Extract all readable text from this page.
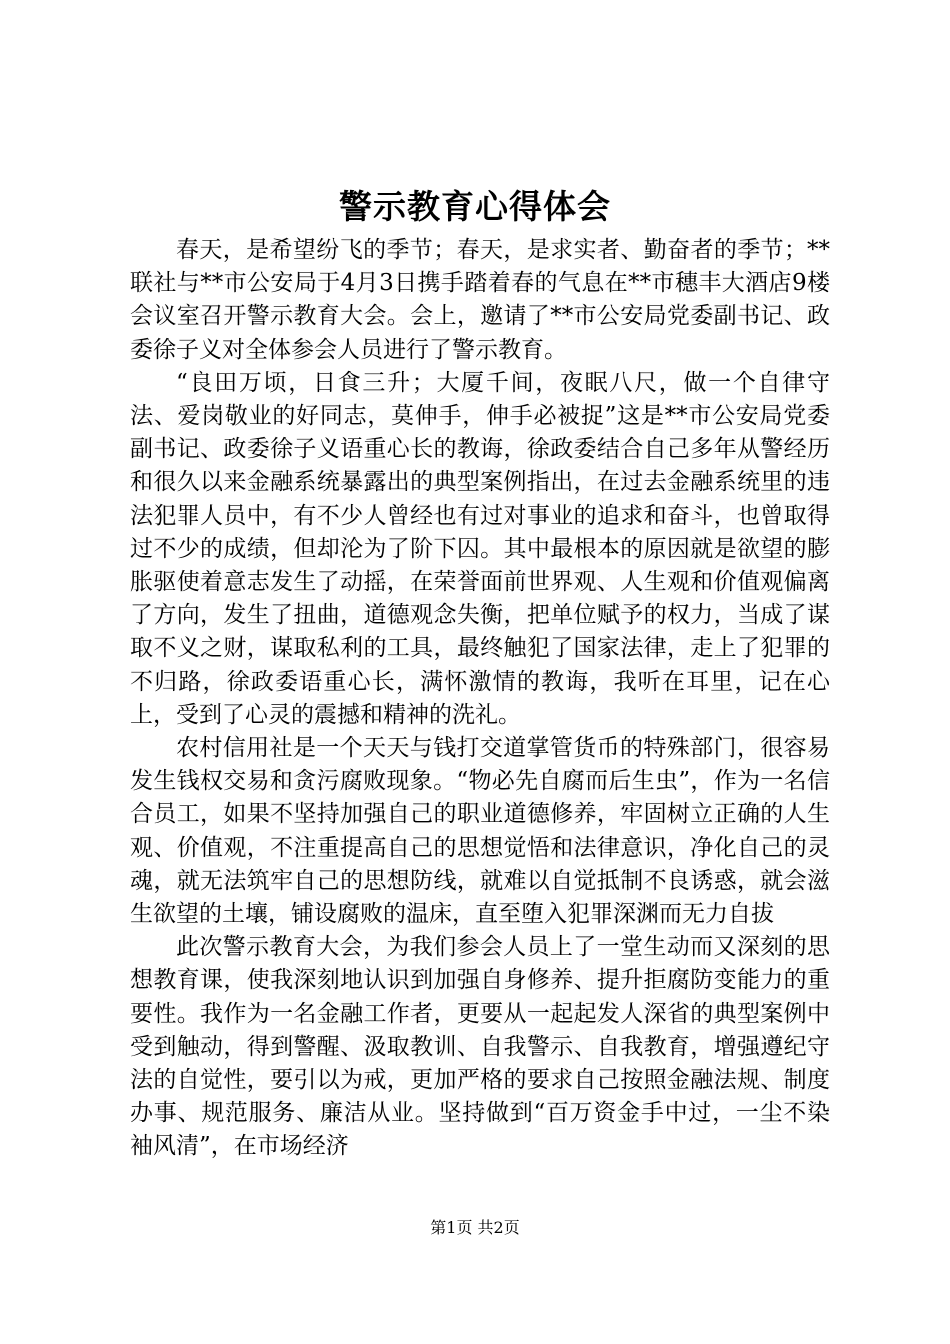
警示教育心得体会

春天，是希望纷飞的季节；春天，是求实者、勤奋者的季节；**联社与**市公安局于4月3日携手踏着春的气息在**市穗丰大酒店9楼会议室召开警示教育大会。会上，邀请了**市公安局党委副书记、政委徐子义对全体参会人员进行了警示教育。

“良田万顷，日食三升；大厦千间，夜眠八尺，做一个自律守法、爱岗敬业的好同志，莫伸手，伸手必被捉”这是**市公安局党委副书记、政委徐子义语重心长的教诲，徐政委结合自己多年从警经历和很久以来金融系统暴露出的典型案例指出，在过去金融系统里的违法犯罪人员中，有不少人曾经也有过对事业的追求和奋斗，也曾取得过不少的成绩，但却沦为了阶下囚。其中最根本的原因就是欲望的膨胀驱使着意志发生了动摇，在荣誉面前世界观、人生观和价值观偏离了方向，发生了扭曲，道德观念失衡，把单位赋予的权力，当成了谋取不义之财，谋取私利的工具，最终触犯了国家法律，走上了犯罪的不归路，徐政委语重心长，满怀激情的教诲，我听在耳里，记在心上，受到了心灵的震撼和精神的洗礼。

农村信用社是一个天天与钱打交道掌管货币的特殊部门，很容易发生钱权交易和贪污腐败现象。“物必先自腐而后生虫”，作为一名信合员工，如果不坚持加强自己的职业道德修养，牢固树立正确的人生观、价值观，不注重提高自己的思想觉悟和法律意识，净化自己的灵魂，就无法筑牢自己的思想防线，就难以自觉抵制不良诱惑，就会滋生欲望的土壤，铺设腐败的温床，直至堕入犯罪深渊而无力自拔

此次警示教育大会，为我们参会人员上了一堂生动而又深刻的思想教育课，使我深刻地认识到加强自身修养、提升拒腐防变能力的重要性。我作为一名金融工作者，更要从一起起发人深省的典型案例中受到触动，得到警醒、汲取教训、自我警示、自我教育，增强遵纪守法的自觉性，要引以为戒，更加严格的要求自己按照金融法规、制度办事、规范服务、廉洁从业。坚持做到“百万资金手中过，一尘不染袖风清”，在市场经济

第1页 共2页
